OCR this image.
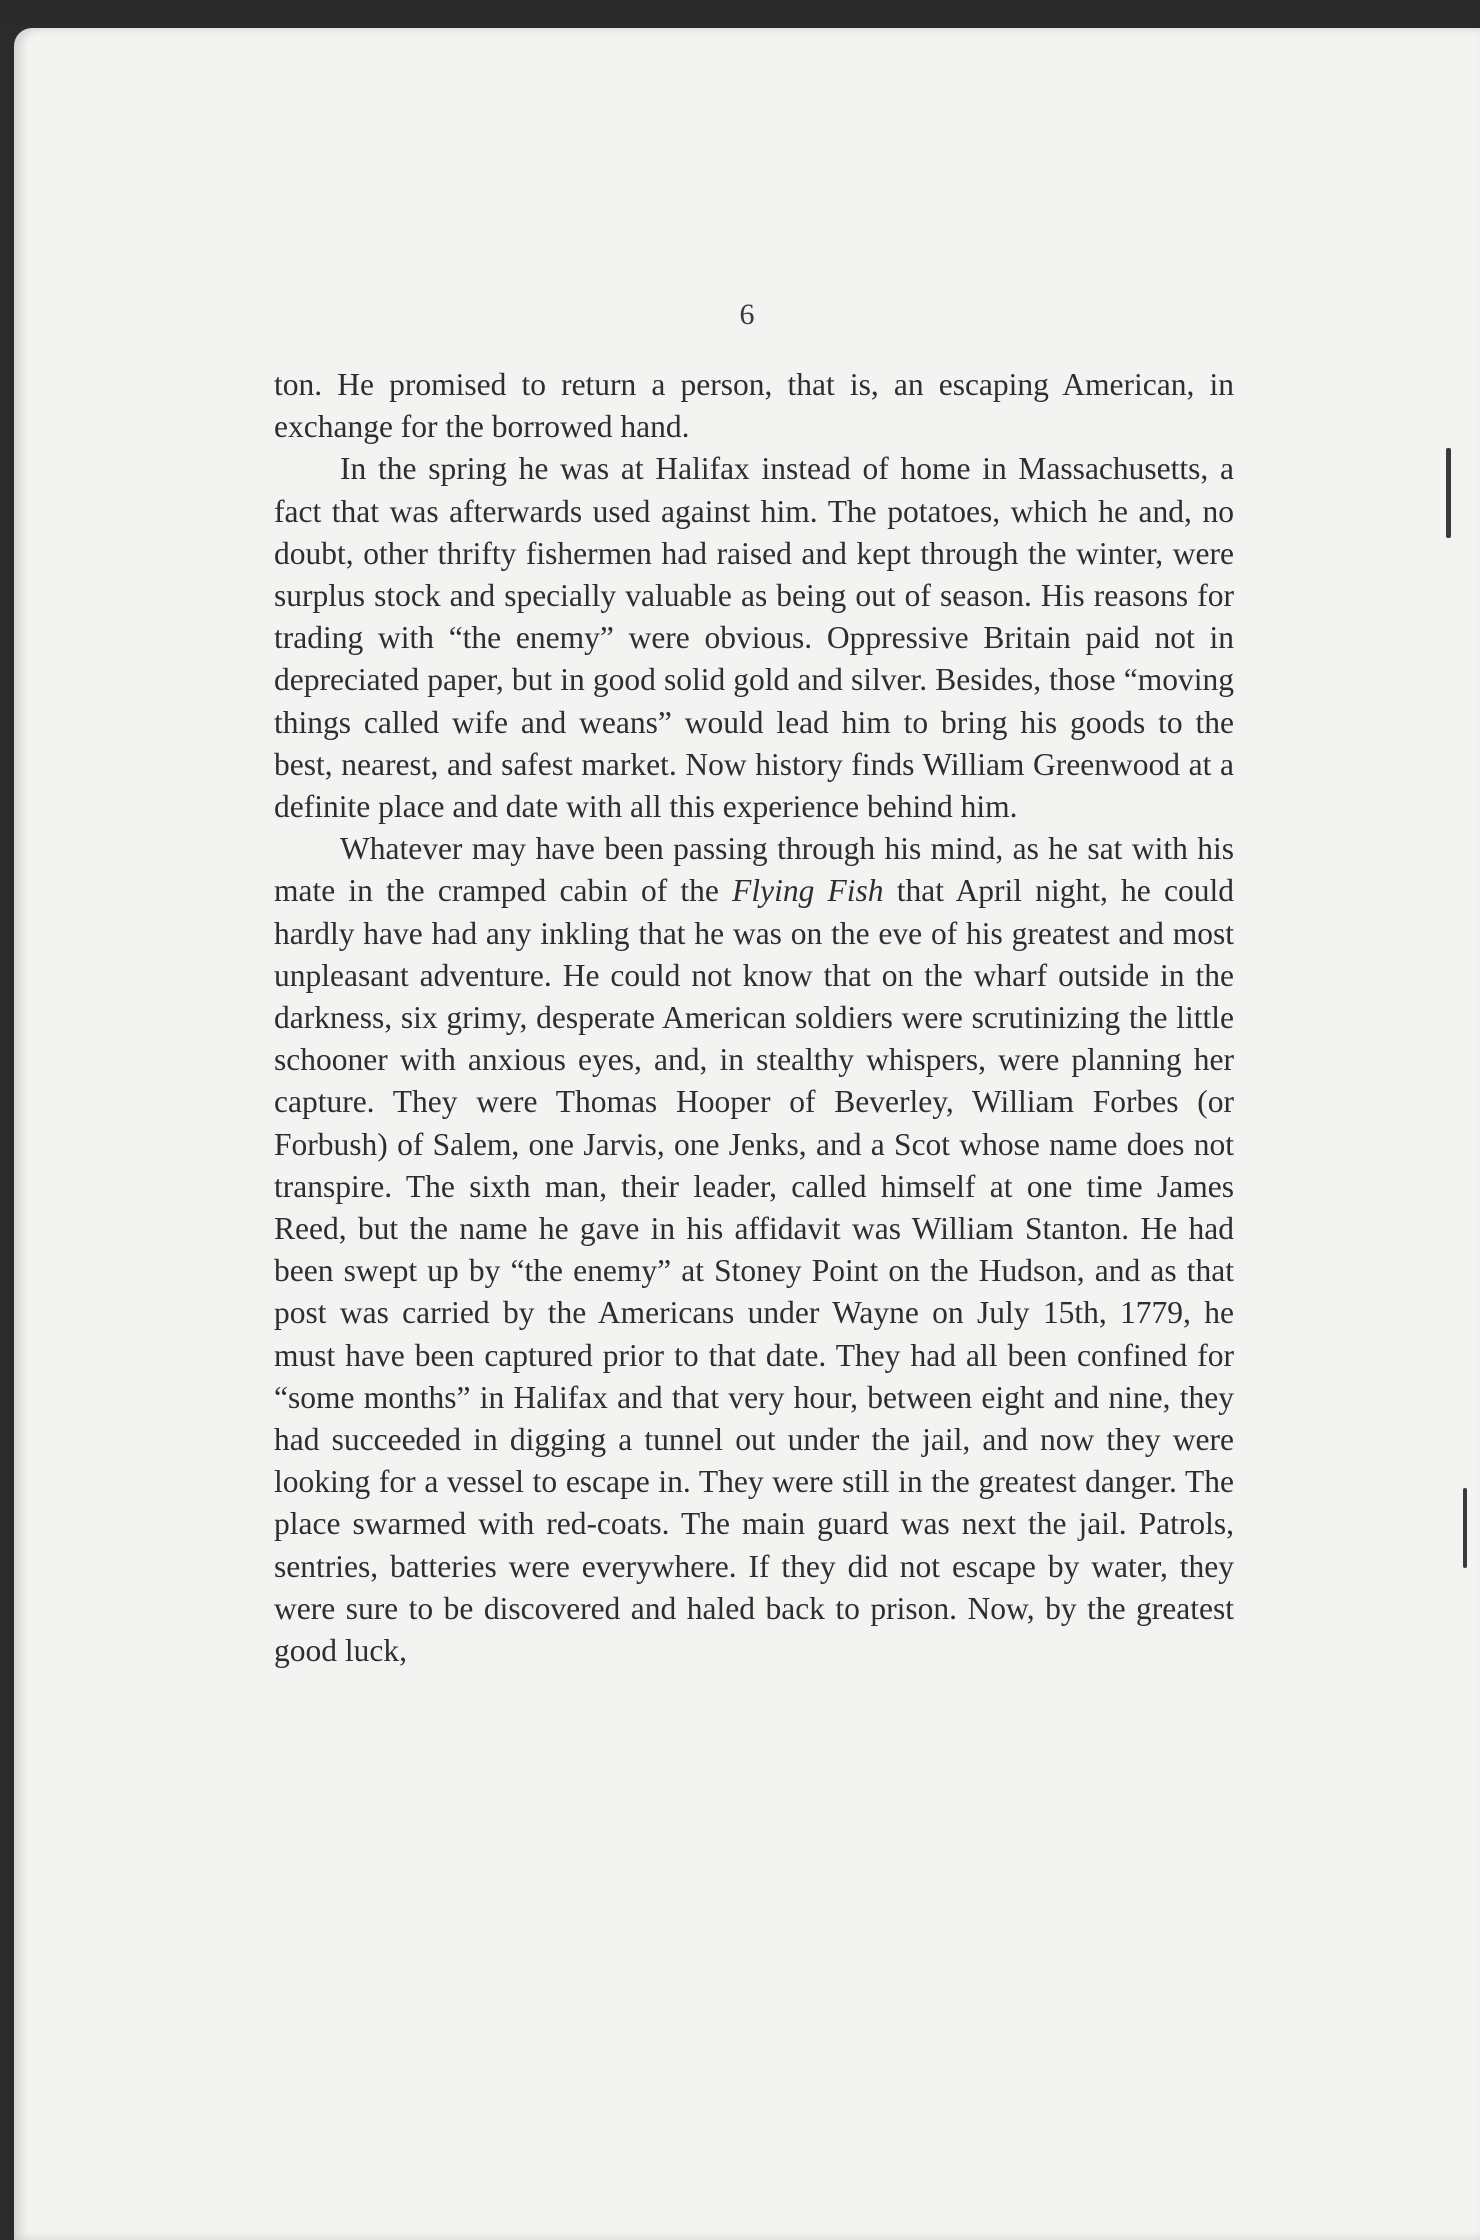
6

ton. He promised to return a person, that is, an escaping American, in exchange for the borrowed hand.

In the spring he was at Halifax instead of home in Massachusetts, a fact that was afterwards used against him. The potatoes, which he and, no doubt, other thrifty fishermen had raised and kept through the winter, were surplus stock and specially valuable as being out of season. His reasons for trading with “the enemy” were obvious. Oppressive Britain paid not in depreciated paper, but in good solid gold and silver. Besides, those “moving things called wife and weans” would lead him to bring his goods to the best, nearest, and safest market. Now history finds William Greenwood at a definite place and date with all this experience behind him.

Whatever may have been passing through his mind, as he sat with his mate in the cramped cabin of the Flying Fish that April night, he could hardly have had any inkling that he was on the eve of his greatest and most unpleasant adventure. He could not know that on the wharf outside in the darkness, six grimy, desperate American soldiers were scrutinizing the little schooner with anxious eyes, and, in stealthy whispers, were planning her capture. They were Thomas Hooper of Beverley, William Forbes (or Forbush) of Salem, one Jarvis, one Jenks, and a Scot whose name does not transpire. The sixth man, their leader, called himself at one time James Reed, but the name he gave in his affidavit was William Stanton. He had been swept up by “the enemy” at Stoney Point on the Hudson, and as that post was carried by the Americans under Wayne on July 15th, 1779, he must have been captured prior to that date. They had all been confined for “some months” in Halifax and that very hour, between eight and nine, they had succeeded in digging a tunnel out under the jail, and now they were looking for a vessel to escape in. They were still in the greatest danger. The place swarmed with red-coats. The main guard was next the jail. Patrols, sentries, batteries were everywhere. If they did not escape by water, they were sure to be discovered and haled back to prison. Now, by the greatest good luck,
